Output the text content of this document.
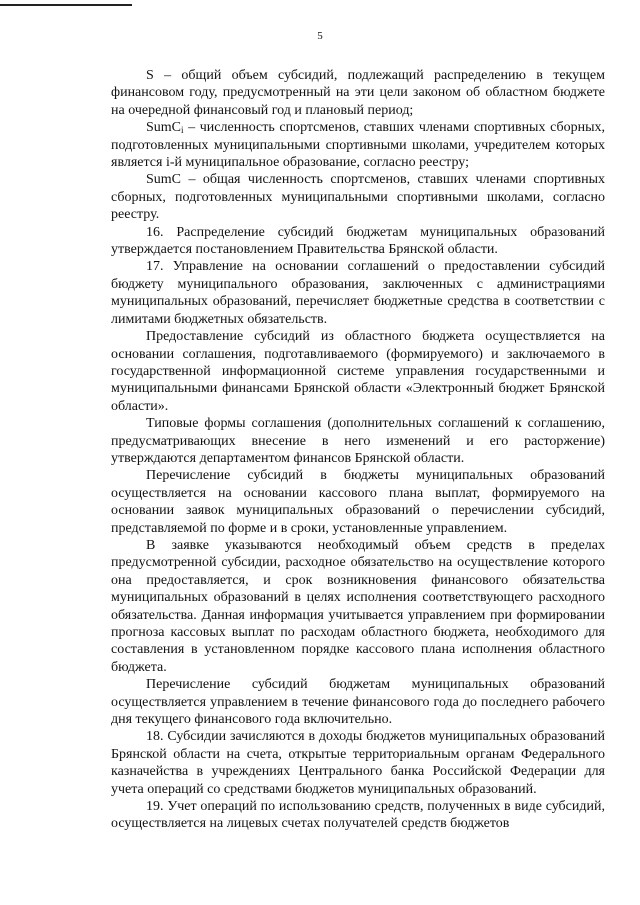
5

S – общий объем субсидий, подлежащий распределению в текущем финансовом году, предусмотренный на эти цели законом об областном бюджете на очередной финансовый год и плановый период;

SumC$_i$ – численность спортсменов, ставших членами спортивных сборных, подготовленных муниципальными спортивными школами, учредителем которых является i-й муниципальное образование, согласно реестру;

SumC – общая численность спортсменов, ставших членами спортивных сборных, подготовленных муниципальными спортивными школами, согласно реестру.

16. Распределение субсидий бюджетам муниципальных образований утверждается постановлением Правительства Брянской области.

17. Управление на основании соглашений о предоставлении субсидий бюджету муниципального образования, заключенных с администрациями муниципальных образований, перечисляет бюджетные средства в соответствии с лимитами бюджетных обязательств.

Предоставление субсидий из областного бюджета осуществляется на основании соглашения, подготавливаемого (формируемого) и заключаемого в государственной информационной системе управления государственными и муниципальными финансами Брянской области «Электронный бюджет Брянской области».

Типовые формы соглашения (дополнительных соглашений к соглашению, предусматривающих внесение в него изменений и его расторжение) утверждаются департаментом финансов Брянской области.

Перечисление субсидий в бюджеты муниципальных образований осуществляется на основании кассового плана выплат, формируемого на основании заявок муниципальных образований о перечислении субсидий, представляемой по форме и в сроки, установленные управлением.

В заявке указываются необходимый объем средств в пределах предусмотренной субсидии, расходное обязательство на осуществление которого она предоставляется, и срок возникновения финансового обязательства муниципальных образований в целях исполнения соответствующего расходного обязательства. Данная информация учитывается управлением при формировании прогноза кассовых выплат по расходам областного бюджета, необходимого для составления в установленном порядке кассового плана исполнения областного бюджета.

Перечисление субсидий бюджетам муниципальных образований осуществляется управлением в течение финансового года до последнего рабочего дня текущего финансового года включительно.

18. Субсидии зачисляются в доходы бюджетов муниципальных образований Брянской области на счета, открытые территориальным органам Федерального казначейства в учреждениях Центрального банка Российской Федерации для учета операций со средствами бюджетов муниципальных образований.

19. Учет операций по использованию средств, полученных в виде субсидий, осуществляется на лицевых счетах получателей средств бюджетов
